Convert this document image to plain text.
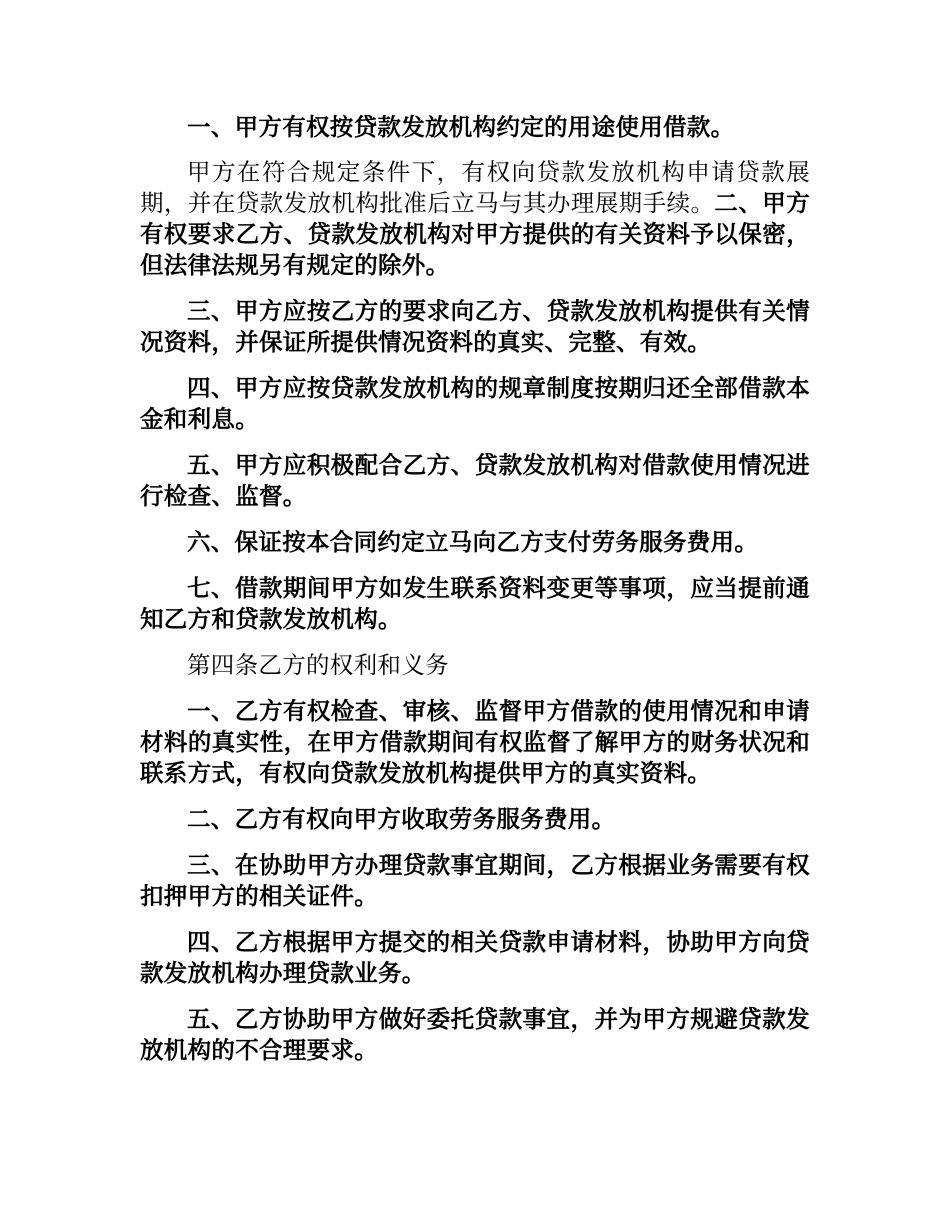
一、甲方有权按贷款发放机构约定的用途使用借款。

甲方在符合规定条件下，有权向贷款发放机构申请贷款展期，并在贷款发放机构批准后立马与其办理展期手续。二、甲方有权要求乙方、贷款发放机构对甲方提供的有关资料予以保密，但法律法规另有规定的除外。

三、甲方应按乙方的要求向乙方、贷款发放机构提供有关情况资料，并保证所提供情况资料的真实、完整、有效。

四、甲方应按贷款发放机构的规章制度按期归还全部借款本金和利息。

五、甲方应积极配合乙方、贷款发放机构对借款使用情况进行检查、监督。

六、保证按本合同约定立马向乙方支付劳务服务费用。

七、借款期间甲方如发生联系资料变更等事项，应当提前通知乙方和贷款发放机构。

第四条乙方的权利和义务

一、乙方有权检查、审核、监督甲方借款的使用情况和申请材料的真实性，在甲方借款期间有权监督了解甲方的财务状况和联系方式，有权向贷款发放机构提供甲方的真实资料。

二、乙方有权向甲方收取劳务服务费用。

三、在协助甲方办理贷款事宜期间，乙方根据业务需要有权扣押甲方的相关证件。

四、乙方根据甲方提交的相关贷款申请材料，协助甲方向贷款发放机构办理贷款业务。

五、乙方协助甲方做好委托贷款事宜，并为甲方规避贷款发放机构的不合理要求。
